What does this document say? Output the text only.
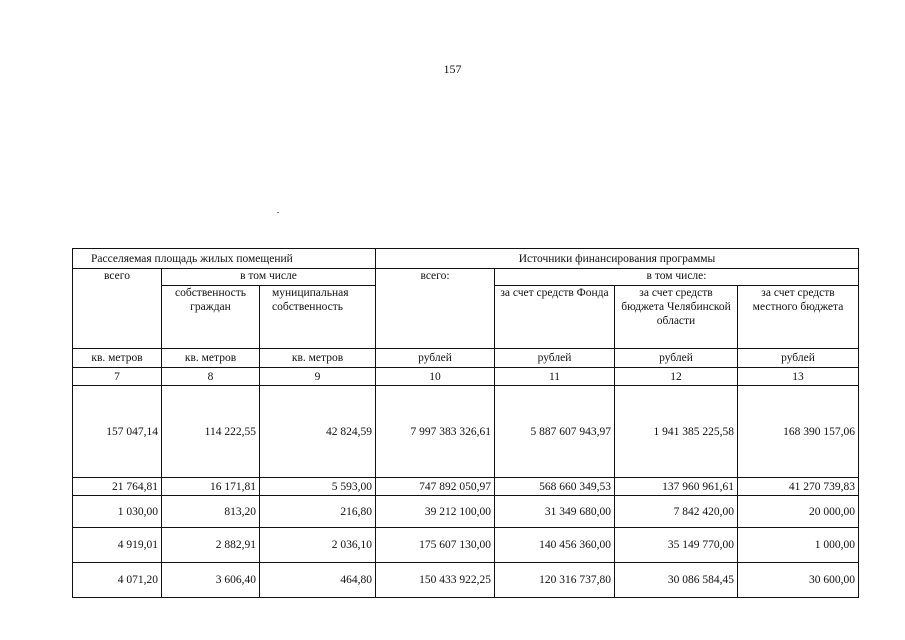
157
Расселяемая площадь жилых помещений			Источники финансирования программы			
всего	в том числе		всего:	в том числе:		
	собственность граждан	муниципальная собственность		за счет средств Фонда	за счет средств бюджета Челябинской области	за счет средств местного бюджета
кв. метров	кв. метров	кв. метров	рублей	рублей	рублей	рублей
7	8	9	10	11	12	13
157 047,14	114 222,55	42 824,59	7 997 383 326,61	5 887 607 943,97	1 941 385 225,58	168 390 157,06
21 764,81	16 171,81	5 593,00	747 892 050,97	568 660 349,53	137 960 961,61	41 270 739,83
1 030,00	813,20	216,80	39 212 100,00	31 349 680,00	7 842 420,00	20 000,00
4 919,01	2 882,91	2 036,10	175 607 130,00	140 456 360,00	35 149 770,00	1 000,00
4 071,20	3 606,40	464,80	150 433 922,25	120 316 737,80	30 086 584,45	30 600,00
